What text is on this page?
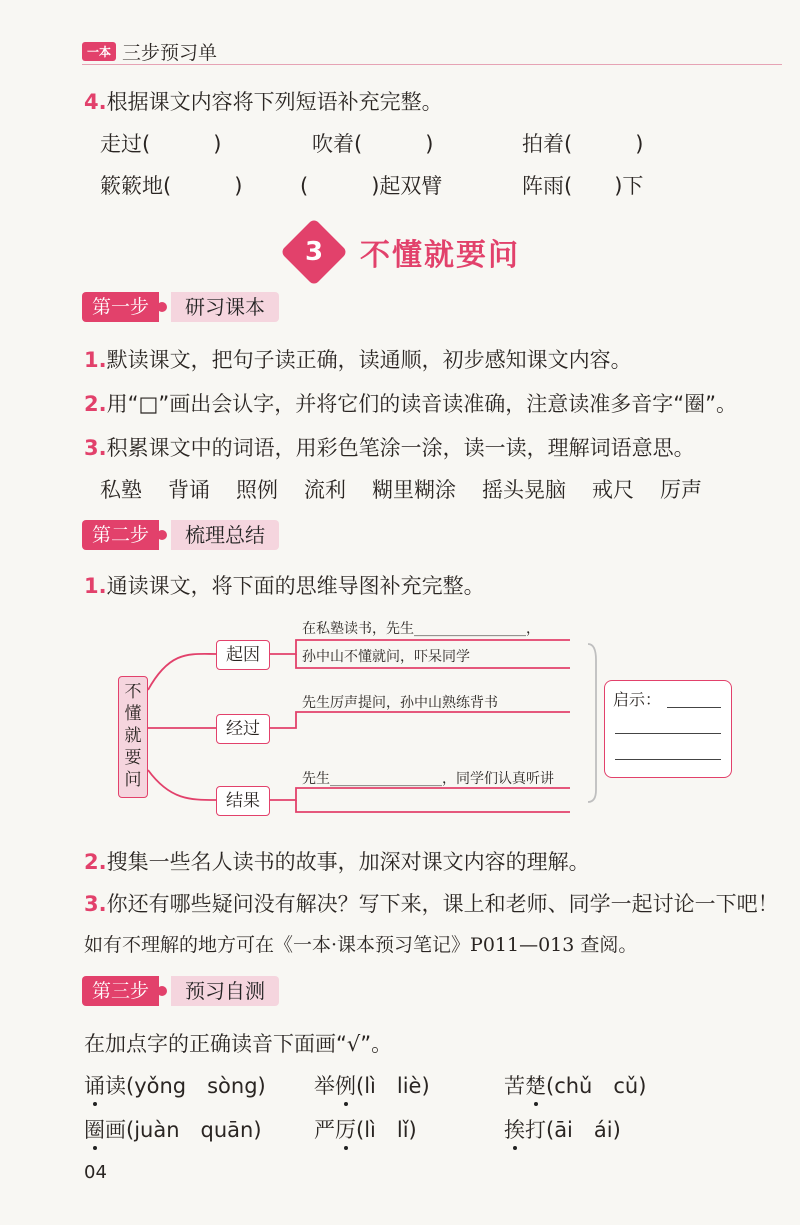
一本 三步预习单
4.根据课文内容将下列短语补充完整。
走过(　　　)	吹着(　　　)	拍着(　　　)
簌簌地(　　　)	(　　　)起双臂	阵雨(　　)下
3 不懂就要问
第一步	研习课本
1.默读课文，把句子读正确，读通顺，初步感知课文内容。
2.用“□”画出会认字，并将它们的读音读准确，注意读准多音字“圈”。
3.积累课文中的词语，用彩色笔涂一涂，读一读，理解词语意思。
私塾 背诵 照例 流利 糊里糊涂 摇头晃脑 戒尺 厉声
第二步	梳理总结
1.通读课文，将下面的思维导图补充完整。
不
懂
就
要
问
起因
经过
结果
在私塾读书，先生________________，
孙中山不懂就问，吓呆同学
先生厉声提问，孙中山熟练背书
先生________________，同学们认真听讲
启示：
2.搜集一些名人读书的故事，加深对课文内容的理解。
3.你还有哪些疑问没有解决？写下来，课上和老师、同学一起讨论一下吧！
如有不理解的地方可在《一本·课本预习笔记》P011—013 查阅。
第三步	预习自测
在加点字的正确读音下面画“√”。
诵读(yǒng　sòng) 举例(lì　liè)	苦楚(chǔ　cǔ)
圈画(juàn　quān) 严厉(lì　lǐ)	挨打(āi　ái)
04
